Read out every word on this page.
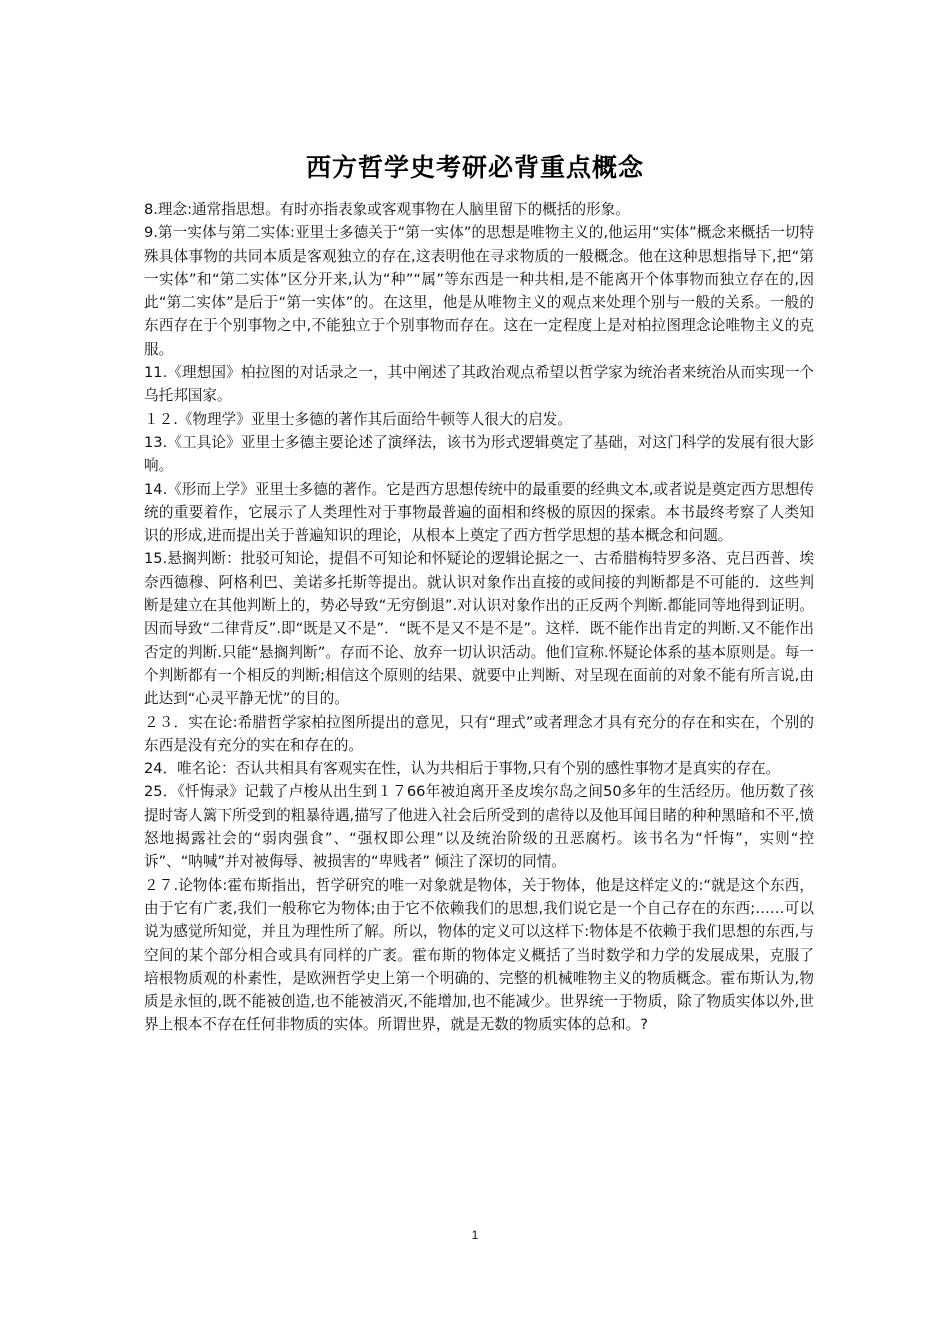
西方哲学史考研必背重点概念

8.理念:通常指思想。有时亦指表象或客观事物在人脑里留下的概括的形象。

9.第一实体与第二实体:亚里士多德关于“第一实体”的思想是唯物主义的,他运用“实体”概念来概括一切特殊具体事物的共同本质是客观独立的存在,这表明他在寻求物质的一般概念。他在这种思想指导下,把“第一实体”和“第二实体”区分开来,认为“种”“属”等东西是一种共相,是不能离开个体事物而独立存在的,因此“第二实体”是后于“第一实体”的。在这里，他是从唯物主义的观点来处理个别与一般的关系。一般的东西存在于个别事物之中,不能独立于个别事物而存在。这在一定程度上是对柏拉图理念论唯物主义的克服。

11.《理想国》柏拉图的对话录之一，其中阐述了其政治观点希望以哲学家为统治者来统治从而实现一个乌托邦国家。

１２.《物理学》亚里士多德的著作其后面给牛顿等人很大的启发。

13.《工具论》亚里士多德主要论述了演绎法，该书为形式逻辑奠定了基础，对这门科学的发展有很大影响。

14.《形而上学》亚里士多德的著作。它是西方思想传统中的最重要的经典文本,或者说是奠定西方思想传统的重要着作，它展示了人类理性对于事物最普遍的面相和终极的原因的探索。本书最终考察了人类知识的形成,进而提出关于普遍知识的理论，从根本上奠定了西方哲学思想的基本概念和问题。

15.悬搁判断：批驳可知论，提倡不可知论和怀疑论的逻辑论据之一、古希腊梅特罗多洛、克吕西普、埃奈西德穆、阿格利巴、美诺多托斯等提出。就认识对象作出直接的或间接的判断都是不可能的．这些判断是建立在其他判断上的，势必导致“无穷倒退”.对认识对象作出的正反两个判断.都能同等地得到证明。因而导致“二律背反”.即“既是又不是”．“既不是又不是不是”。这样．既不能作出肯定的判断.又不能作出否定的判断.只能“悬搁判断”。存而不论、放弃一切认识活动。他们宣称.怀疑论体系的基本原则是。每一个判断都有一个相反的判断;相信这个原则的结果、就要中止判断、对呈现在面前的对象不能有所言说,由此达到“心灵平静无忧”的目的。

２３．实在论:希腊哲学家柏拉图所提出的意见，只有“理式”或者理念才具有充分的存在和实在，个别的东西是没有充分的实在和存在的。

24．唯名论：否认共相具有客观实在性，认为共相后于事物,只有个别的感性事物才是真实的存在。

25．《忏悔录》记载了卢梭从出生到１７66年被迫离开圣皮埃尔岛之间50多年的生活经历。他历数了孩提时寄人篱下所受到的粗暴待遇,描写了他进入社会后所受到的虐待以及他耳闻目睹的种种黑暗和不平,愤怒地揭露社会的“弱肉强食”、“强权即公理”以及统治阶级的丑恶腐朽。该书名为“忏悔”，实则“控诉”、“呐喊”并对被侮辱、被损害的“卑贱者” 倾注了深切的同情。

２７.论物体:霍布斯指出，哲学研究的唯一对象就是物体，关于物体，他是这样定义的:“就是这个东西，由于它有广袤,我们一般称它为物体;由于它不依赖我们的思想,我们说它是一个自己存在的东西;……可以说为感觉所知觉，并且为理性所了解。所以，物体的定义可以这样下:物体是不依赖于我们思想的东西,与空间的某个部分相合或具有同样的广袤。霍布斯的物体定义概括了当时数学和力学的发展成果，克服了培根物质观的朴素性，是欧洲哲学史上第一个明确的、完整的机械唯物主义的物质概念。霍布斯认为,物质是永恒的,既不能被创造,也不能被消灭,不能增加,也不能减少。世界统一于物质，除了物质实体以外,世界上根本不存在任何非物质的实体。所谓世界，就是无数的物质实体的总和。?

1
